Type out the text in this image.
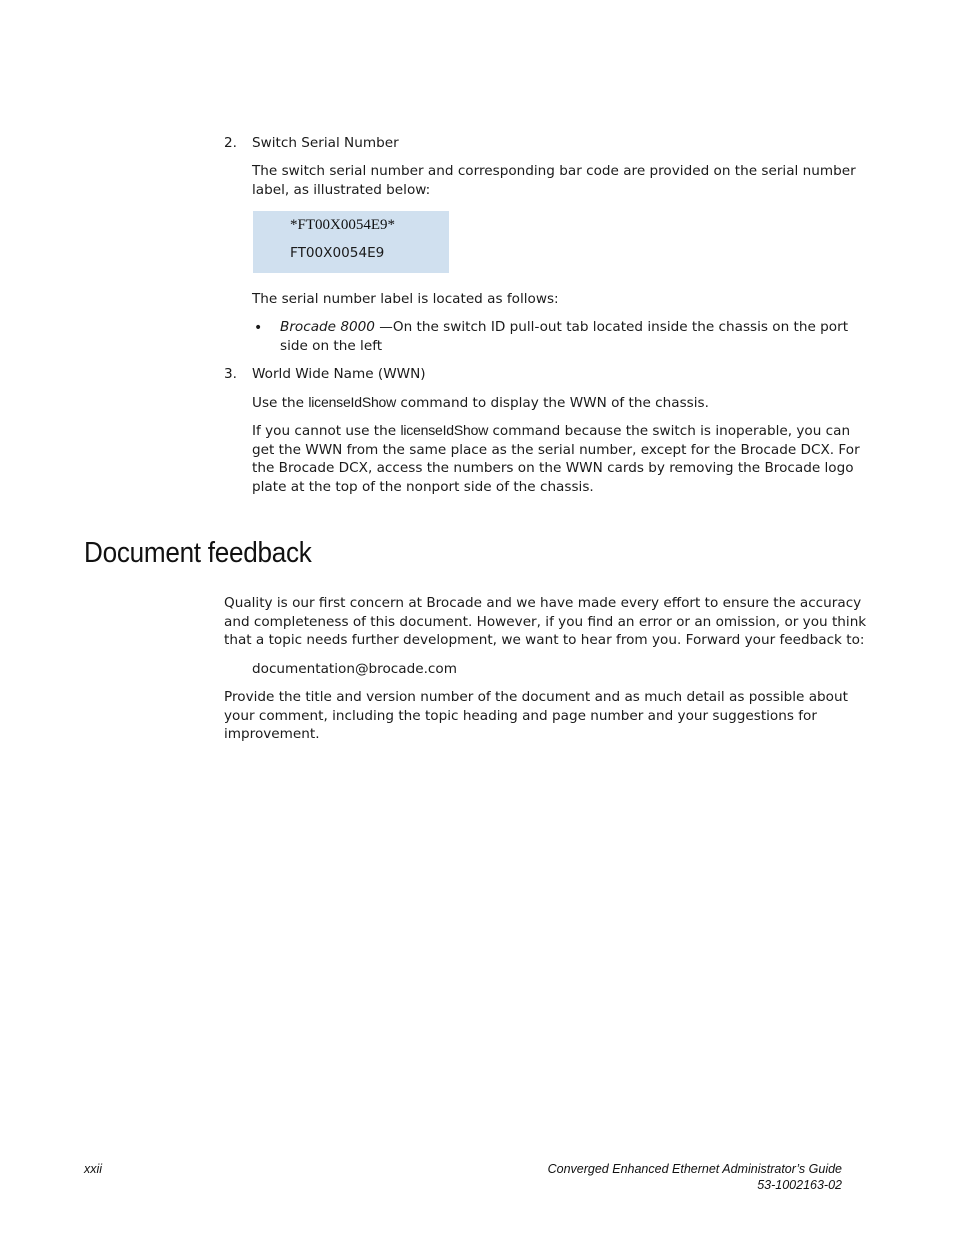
2. Switch Serial Number
The switch serial number and corresponding bar code are provided on the serial number label, as illustrated below:
*FT00X0054E9*
FT00X0054E9
The serial number label is located as follows:
• Brocade 8000 —On the switch ID pull-out tab located inside the chassis on the port side on the left
3. World Wide Name (WWN)
Use the licenseIdShow command to display the WWN of the chassis.
If you cannot use the licenseIdShow command because the switch is inoperable, you can get the WWN from the same place as the serial number, except for the Brocade DCX. For the Brocade DCX, access the numbers on the WWN cards by removing the Brocade logo plate at the top of the nonport side of the chassis.
Document feedback
Quality is our first concern at Brocade and we have made every effort to ensure the accuracy and completeness of this document. However, if you find an error or an omission, or you think that a topic needs further development, we want to hear from you. Forward your feedback to:
documentation@brocade.com
Provide the title and version number of the document and as much detail as possible about your comment, including the topic heading and page number and your suggestions for improvement.
xxii	Converged Enhanced Ethernet Administrator’s Guide
53-1002163-02
